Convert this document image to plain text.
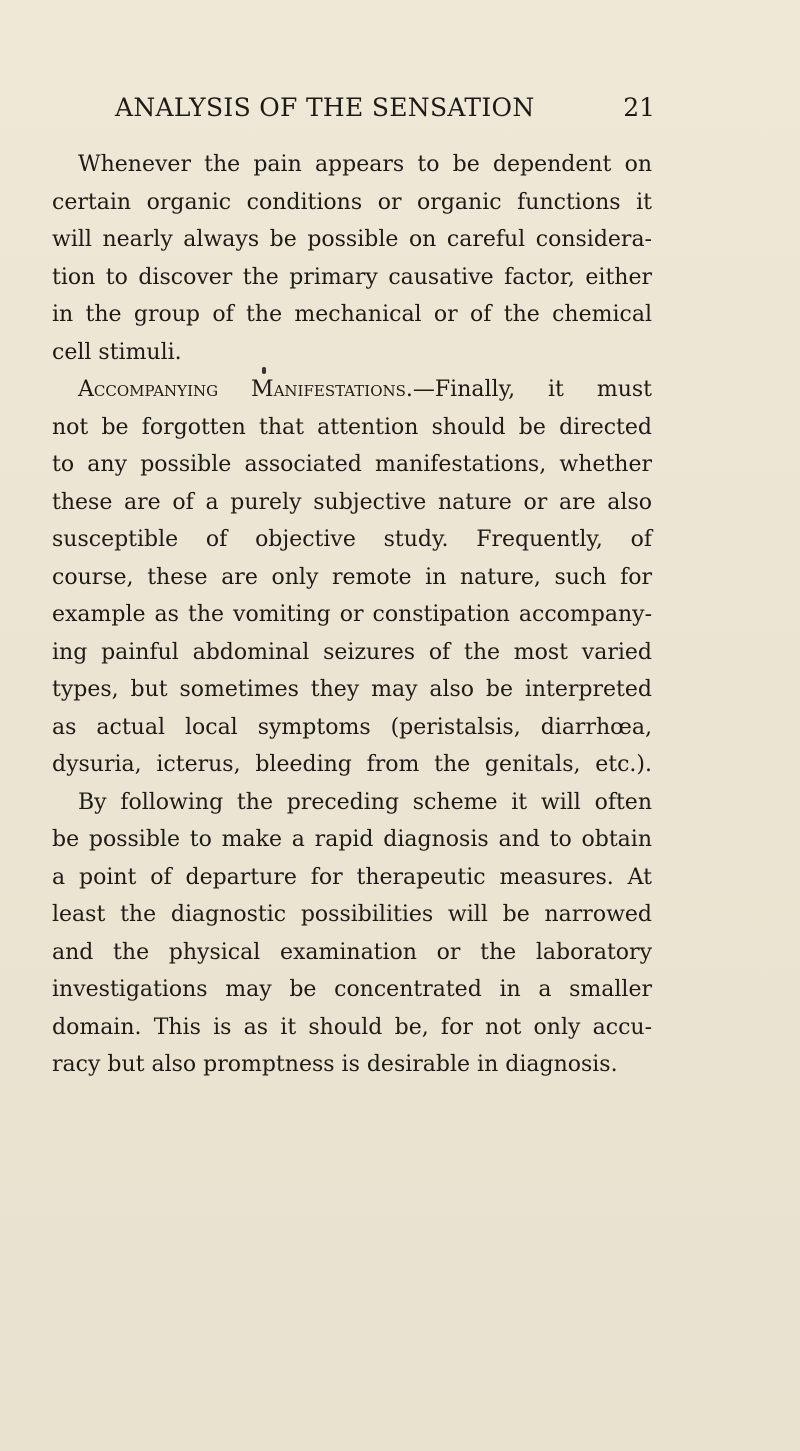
ANALYSIS OF THE SENSATION	21
Whenever the pain appears to be dependent on
certain organic conditions or organic functions it
will nearly always be possible on careful considera-
tion to discover the primary causative factor, either
in the group of the mechanical or of the chemical
cell stimuli.
Accompanying Manifestations.—Finally, it must
not be forgotten that attention should be directed
to any possible associated manifestations, whether
these are of a purely subjective nature or are also
susceptible of objective study. Frequently, of
course, these are only remote in nature, such for
example as the vomiting or constipation accompany-
ing painful abdominal seizures of the most varied
types, but sometimes they may also be interpreted
as actual local symptoms (peristalsis, diarrhœa,
dysuria, icterus, bleeding from the genitals, etc.).
By following the preceding scheme it will often
be possible to make a rapid diagnosis and to obtain
a point of departure for therapeutic measures. At
least the diagnostic possibilities will be narrowed
and the physical examination or the laboratory
investigations may be concentrated in a smaller
domain. This is as it should be, for not only accu-
racy but also promptness is desirable in diagnosis.
